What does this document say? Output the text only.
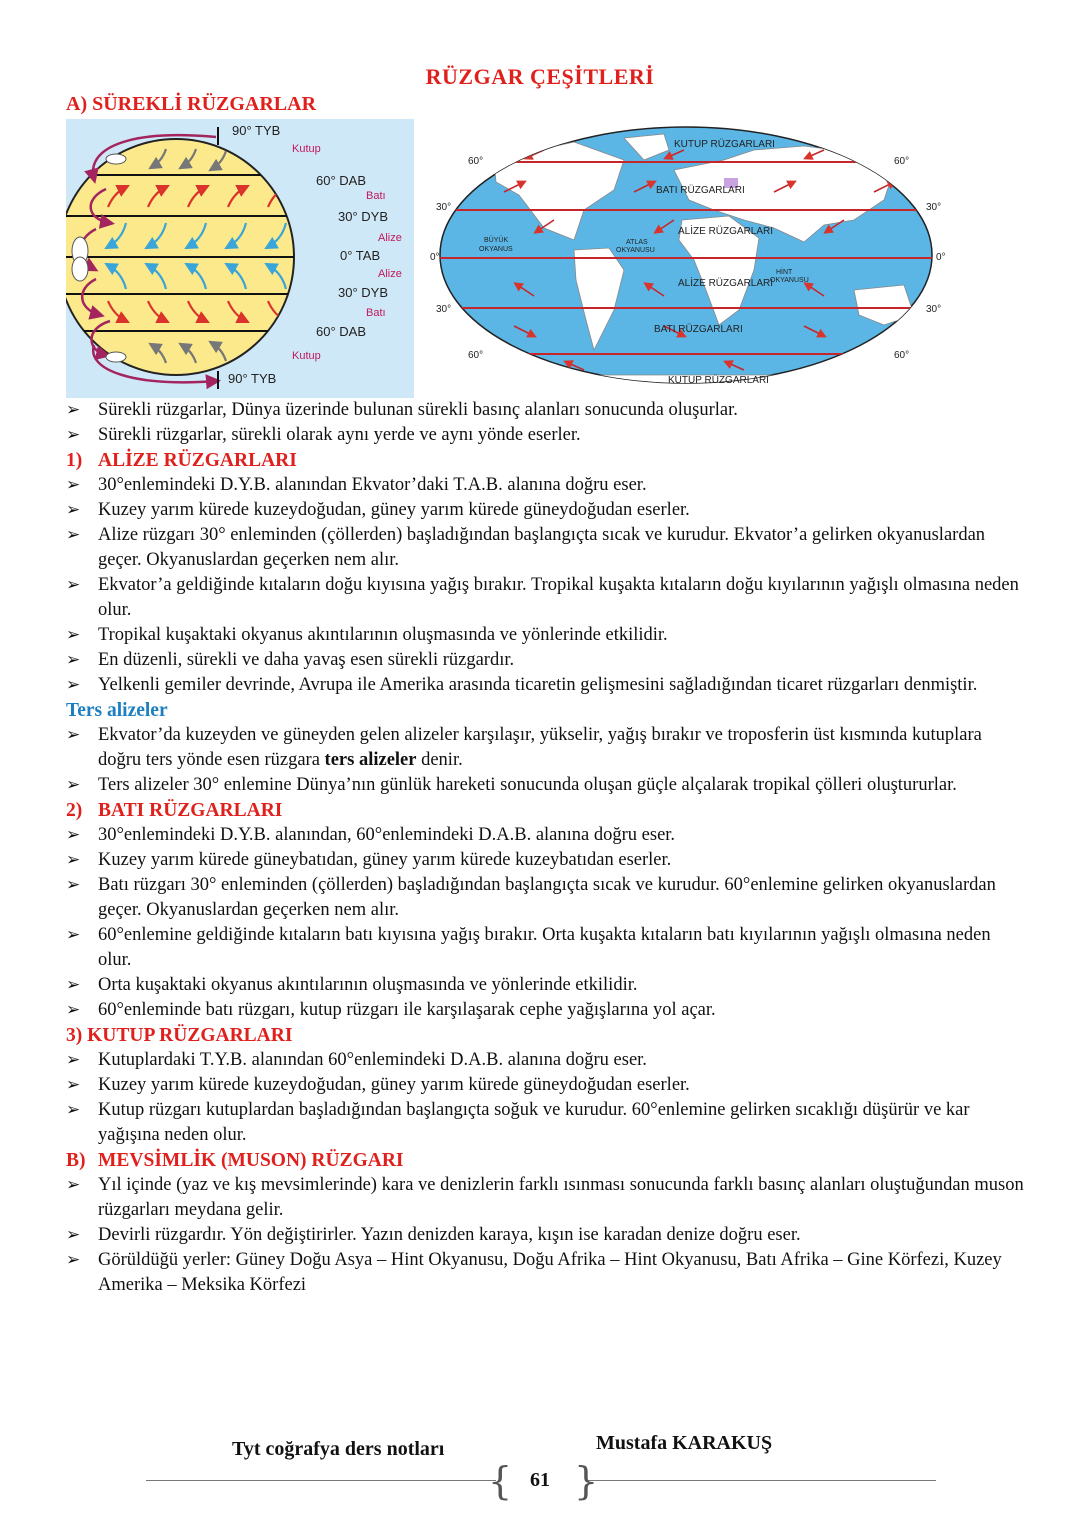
RÜZGAR ÇEŞİTLERİ
A) SÜREKLİ RÜZGARLAR
90° TYB
Kutup
60° DAB
Batı
30° DYB
Alize
0° TAB
Alize
30° DYB
Batı
60° DAB
Kutup
90° TYB
KUTUP RÜZGARLARI
BATI RÜZGARLARI
ALİZE RÜZGARLARI
ALİZE RÜZGARLARI
BATI RÜZGARLARI
KUTUP RÜZGARLARI
BÜYÜK
OKYANUS
ATLAS
OKYANUSU
HİNT
OKYANUSU
60°	60°
30°	30°
0°	0°
30°	30°
60°	60°
➢ Sürekli rüzgarlar, Dünya üzerinde bulunan sürekli basınç alanları sonucunda oluşurlar.
➢ Sürekli rüzgarlar, sürekli olarak aynı yerde ve aynı yönde eserler.
1) ALİZE RÜZGARLARI
➢ 30°enlemindeki D.Y.B. alanından Ekvator’daki T.A.B. alanına doğru eser.
➢ Kuzey yarım kürede kuzeydoğudan, güney yarım kürede güneydoğudan eserler.
➢ Alize rüzgarı 30° enleminden (çöllerden) başladığından başlangıçta sıcak ve kurudur. Ekvator’a gelirken okyanuslardan geçer. Okyanuslardan geçerken nem alır.
➢ Ekvator’a geldiğinde kıtaların doğu kıyısına yağış bırakır. Tropikal kuşakta kıtaların doğu kıyılarının yağışlı olmasına neden olur.
➢ Tropikal kuşaktaki okyanus akıntılarının oluşmasında ve yönlerinde etkilidir.
➢ En düzenli, sürekli ve daha yavaş esen sürekli rüzgardır.
➢ Yelkenli gemiler devrinde, Avrupa ile Amerika arasında ticaretin gelişmesini sağladığından ticaret rüzgarları denmiştir.
Ters alizeler
➢ Ekvator’da kuzeyden ve güneyden gelen alizeler karşılaşır, yükselir, yağış bırakır ve troposferin üst kısmında kutuplara doğru ters yönde esen rüzgara ters alizeler denir.
➢ Ters alizeler 30° enlemine Dünya’nın günlük hareketi sonucunda oluşan güçle alçalarak tropikal çölleri oluştururlar.
2) BATI RÜZGARLARI
➢ 30°enlemindeki D.Y.B. alanından, 60°enlemindeki D.A.B. alanına doğru eser.
➢ Kuzey yarım kürede güneybatıdan, güney yarım kürede kuzeybatıdan eserler.
➢ Batı rüzgarı 30° enleminden (çöllerden) başladığından başlangıçta sıcak ve kurudur. 60°enlemine gelirken okyanuslardan geçer. Okyanuslardan geçerken nem alır.
➢ 60°enlemine geldiğinde kıtaların batı kıyısına yağış bırakır. Orta kuşakta kıtaların batı kıyılarının yağışlı olmasına neden olur.
➢ Orta kuşaktaki okyanus akıntılarının oluşmasında ve yönlerinde etkilidir.
➢ 60°enleminde batı rüzgarı, kutup rüzgarı ile karşılaşarak cephe yağışlarına yol açar.
3) KUTUP RÜZGARLARI
➢ Kutuplardaki T.Y.B. alanından 60°enlemindeki D.A.B. alanına doğru eser.
➢ Kuzey yarım kürede kuzeydoğudan, güney yarım kürede güneydoğudan eserler.
➢ Kutup rüzgarı kutuplardan başladığından başlangıçta soğuk ve kurudur. 60°enlemine gelirken sıcaklığı düşürür ve kar yağışına neden olur.
B) MEVSİMLİK (MUSON) RÜZGARI
➢ Yıl içinde (yaz ve kış mevsimlerinde) kara ve denizlerin farklı ısınması sonucunda farklı basınç alanları oluştuğundan muson rüzgarları meydana gelir.
➢ Devirli rüzgardır. Yön değiştirirler. Yazın denizden karaya, kışın ise karadan denize doğru eser.
➢ Görüldüğü yerler: Güney Doğu Asya – Hint Okyanusu, Doğu Afrika – Hint Okyanusu, Batı Afrika – Gine Körfezi, Kuzey Amerika – Meksika Körfezi
Tyt coğrafya ders notları	Mustafa KARAKUŞ
{ }
61
